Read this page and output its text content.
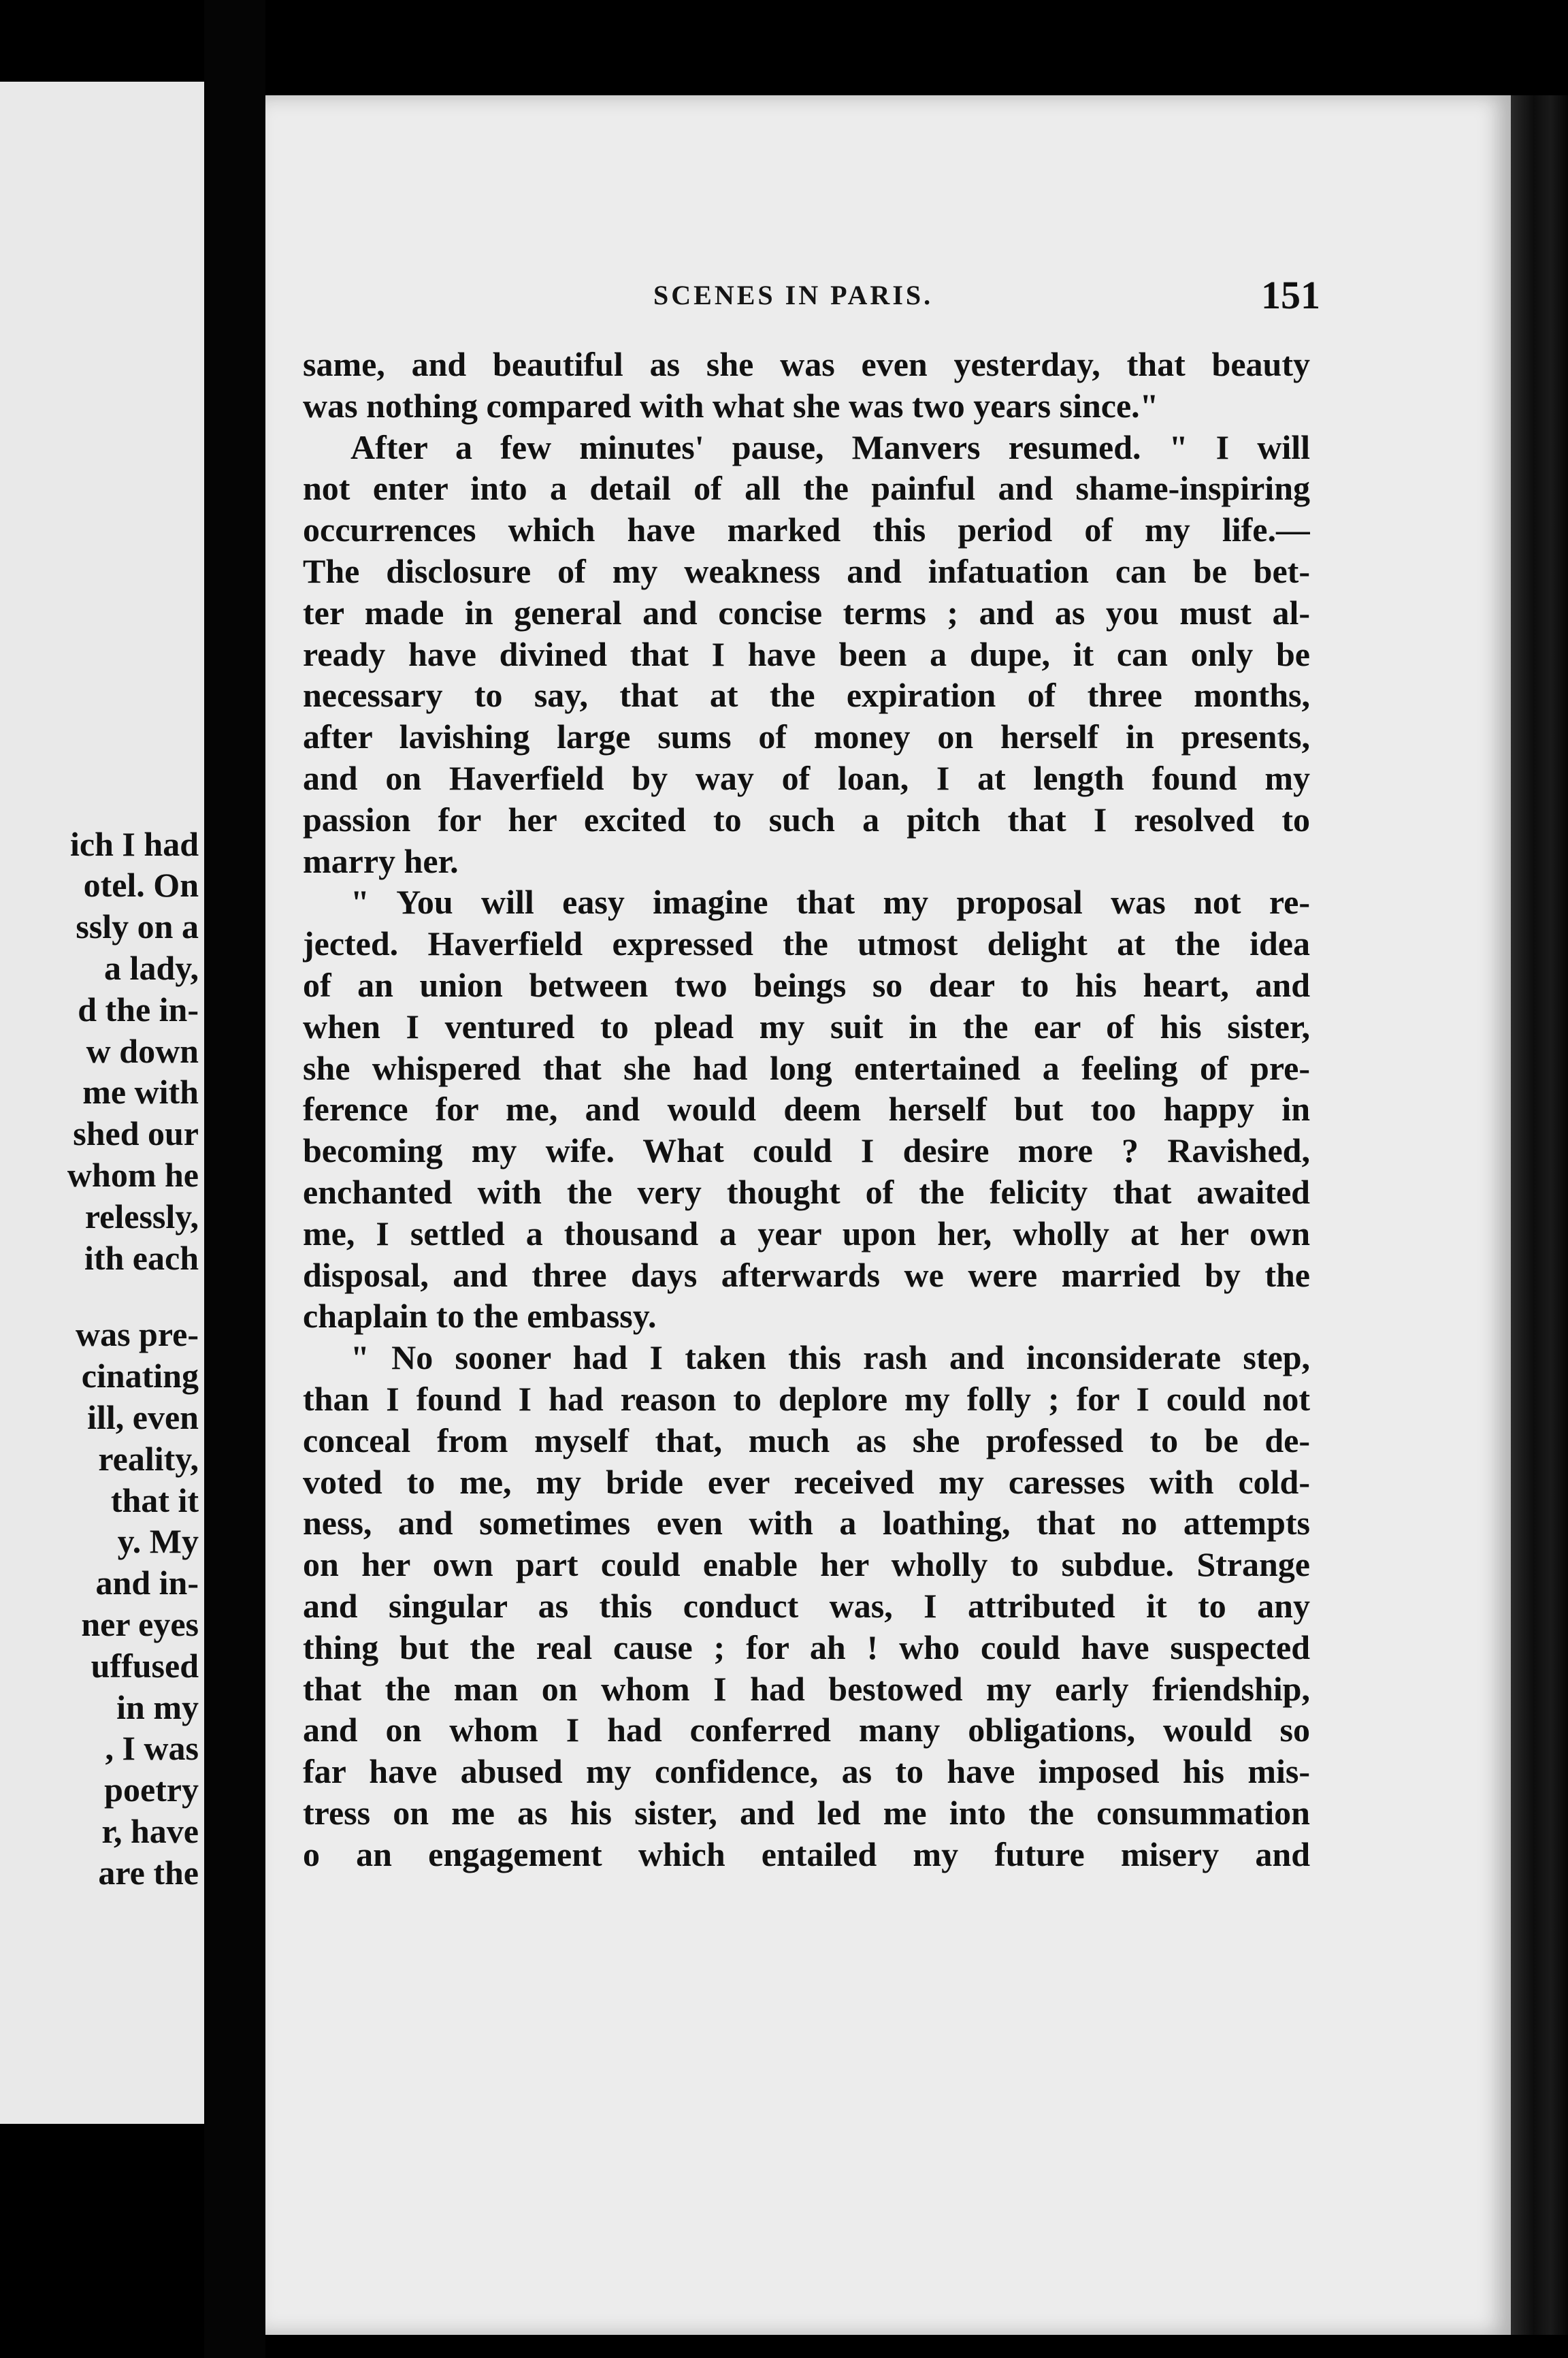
ich I had
otel. On
ssly on a
a lady,
d the in-
w down
me with
shed our
whom he
relessly,
ith each
was pre-
cinating
ill, even
reality,
that it
y. My
and in-
ner eyes
uffused
in my
, I was
poetry
r, have
are the
SCENES IN PARIS.	151
same, and beautiful as she was even yesterday, that beauty
was nothing compared with what she was two years since."
After a few minutes' pause, Manvers resumed. " I will
not enter into a detail of all the painful and shame-inspiring
occurrences which have marked this period of my life.—
The disclosure of my weakness and infatuation can be bet-
ter made in general and concise terms ; and as you must al-
ready have divined that I have been a dupe, it can only be
necessary to say, that at the expiration of three months,
after lavishing large sums of money on herself in presents,
and on Haverfield by way of loan, I at length found my
passion for her excited to such a pitch that I resolved to
marry her.
" You will easy imagine that my proposal was not re-
jected. Haverfield expressed the utmost delight at the idea
of an union between two beings so dear to his heart, and
when I ventured to plead my suit in the ear of his sister,
she whispered that she had long entertained a feeling of pre-
ference for me, and would deem herself but too happy in
becoming my wife. What could I desire more ? Ravished,
enchanted with the very thought of the felicity that awaited
me, I settled a thousand a year upon her, wholly at her own
disposal, and three days afterwards we were married by the
chaplain to the embassy.
" No sooner had I taken this rash and inconsiderate step,
than I found I had reason to deplore my folly ; for I could not
conceal from myself that, much as she professed to be de-
voted to me, my bride ever received my caresses with cold-
ness, and sometimes even with a loathing, that no attempts
on her own part could enable her wholly to subdue. Strange
and singular as this conduct was, I attributed it to any
thing but the real cause ; for ah ! who could have suspected
that the man on whom I had bestowed my early friendship,
and on whom I had conferred many obligations, would so
far have abused my confidence, as to have imposed his mis-
tress on me as his sister, and led me into the consummation
o an engagement which entailed my future misery and
